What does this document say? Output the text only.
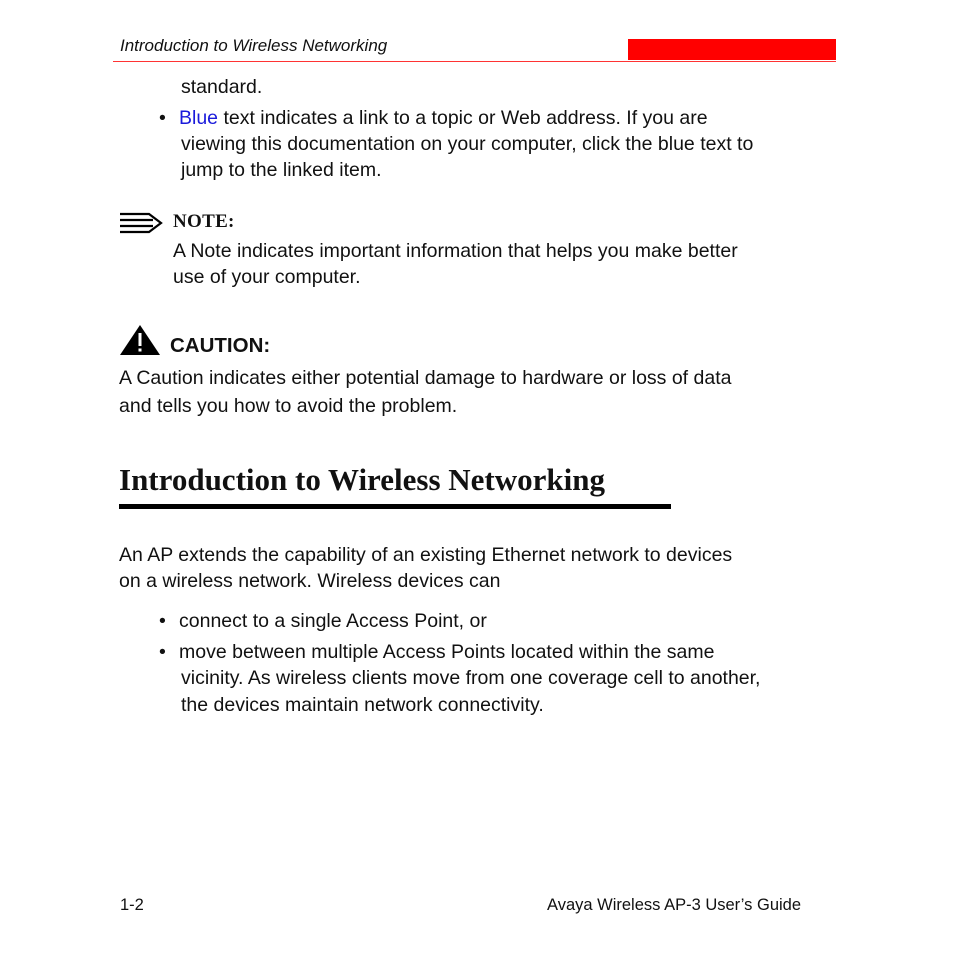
Introduction to Wireless Networking
standard.
• Blue text indicates a link to a topic or Web address. If you are
viewing this documentation on your computer, click the blue text to
jump to the linked item.
NOTE:
A Note indicates important information that helps you make better
use of your computer.
CAUTION:
A Caution indicates either potential damage to hardware or loss of data
and tells you how to avoid the problem.
Introduction to Wireless Networking
An AP extends the capability of an existing Ethernet network to devices
on a wireless network. Wireless devices can
• connect to a single Access Point, or
• move between multiple Access Points located within the same
vicinity. As wireless clients move from one coverage cell to another,
the devices maintain network connectivity.
1-2	Avaya Wireless AP-3 User’s Guide
